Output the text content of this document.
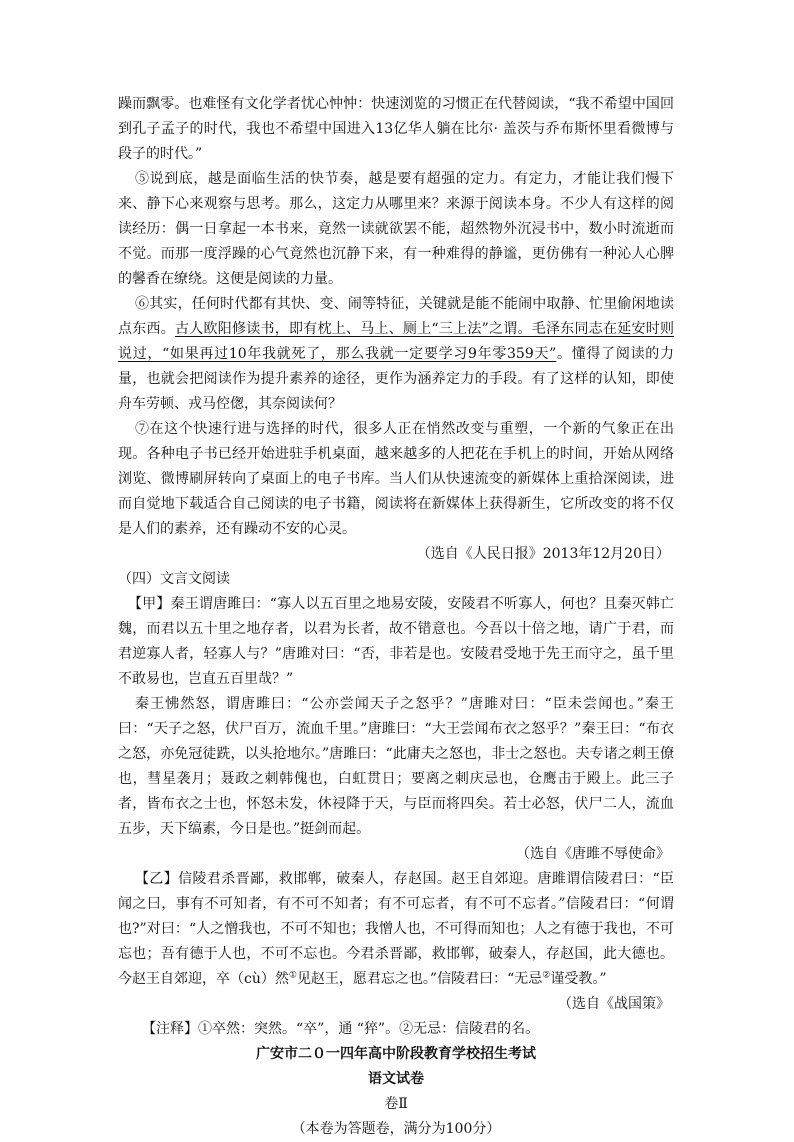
躁而飘零。也难怪有文化学者忧心忡忡：快速浏览的习惯正在代替阅读，“我不希望中国回到孔子孟子的时代，我也不希望中国进入13亿华人躺在比尔· 盖茨与乔布斯怀里看微博与段子的时代。”

⑤说到底，越是面临生活的快节奏，越是要有超强的定力。有定力，才能让我们慢下来、静下心来观察与思考。那么，这定力从哪里来？来源于阅读本身。不少人有这样的阅读经历：偶一日拿起一本书来，竟然一读就欲罢不能，超然物外沉浸书中，数小时流逝而不觉。而那一度浮躁的心气竟然也沉静下来，有一种难得的静谧，更仿佛有一种沁人心脾的馨香在缭绕。这便是阅读的力量。

⑥其实，任何时代都有其快、变、闹等特征，关键就是能不能闹中取静、忙里偷闲地读点东西。古人欧阳修读书，即有枕上、马上、厕上“三上法”之谓。毛泽东同志在延安时则说过，“如果再过10年我就死了，那么我就一定要学习9年零359天”。懂得了阅读的力量，也就会把阅读作为提升素养的途径，更作为涵养定力的手段。有了这样的认知，即使舟车劳顿、戎马倥偬，其奈阅读何？

⑦在这个快速行进与选择的时代，很多人正在悄然改变与重塑，一个新的气象正在出现。各种电子书已经开始进驻手机桌面，越来越多的人把花在手机上的时间，开始从网络浏览、微博刷屏转向了桌面上的电子书库。当人们从快速流变的新媒体上重拾深阅读，进而自觉地下载适合自己阅读的电子书籍，阅读将在新媒体上获得新生，它所改变的将不仅是人们的素养，还有躁动不安的心灵。

（选自《人民日报》2013年12月20日）

（四）文言文阅读

【甲】秦王谓唐雎曰：“寡人以五百里之地易安陵，安陵君不听寡人，何也？且秦灭韩亡魏，而君以五十里之地存者，以君为长者，故不错意也。今吾以十倍之地，请广于君，而君逆寡人者，轻寡人与？”唐雎对曰：“否，非若是也。安陵君受地于先王而守之，虽千里不敢易也，岂直五百里哉？”

秦王怫然怒，谓唐雎曰：“公亦尝闻天子之怒乎？”唐雎对曰：“臣未尝闻也。”秦王曰：“天子之怒，伏尸百万，流血千里。”唐雎曰：“大王尝闻布衣之怒乎？”秦王曰：“布衣之怒，亦免冠徒跣，以头抢地尔。”唐雎曰：“此庸夫之怒也，非士之怒也。夫专诸之刺王僚也，彗星袭月；聂政之刺韩傀也，白虹贯日；要离之刺庆忌也，仓鹰击于殿上。此三子者，皆布衣之士也，怀怒未发，休祲降于天，与臣而将四矣。若士必怒，伏尸二人，流血五步，天下缟素，今日是也。”挺剑而起。

（选自《唐雎不辱使命》

【乙】信陵君杀晋鄙，救邯郸，破秦人，存赵国。赵王自郊迎。唐雎谓信陵君曰：“臣闻之曰，事有不可知者，有不可不知者；有不可忘者，有不可不忘者。”信陵君曰：“何谓也?”对曰：“人之憎我也，不可不知也；我憎人也，不可得而知也；人之有德于我也，不可忘也；吾有德于人也，不可不忘也。今君杀晋鄙，救邯郸，破秦人，存赵国，此大德也。今赵王自郊迎，卒（cù）然①见赵王，愿君忘之也。”信陵君曰：“无忌②谨受教。”

（选自《战国策》

【注释】①卒然：突然。“卒”，通 “猝”。②无忌：信陵君的名。

广安市二０一四年高中阶段教育学校招生考试

语文试卷

卷Ⅱ

（本卷为答题卷，满分为100分）
